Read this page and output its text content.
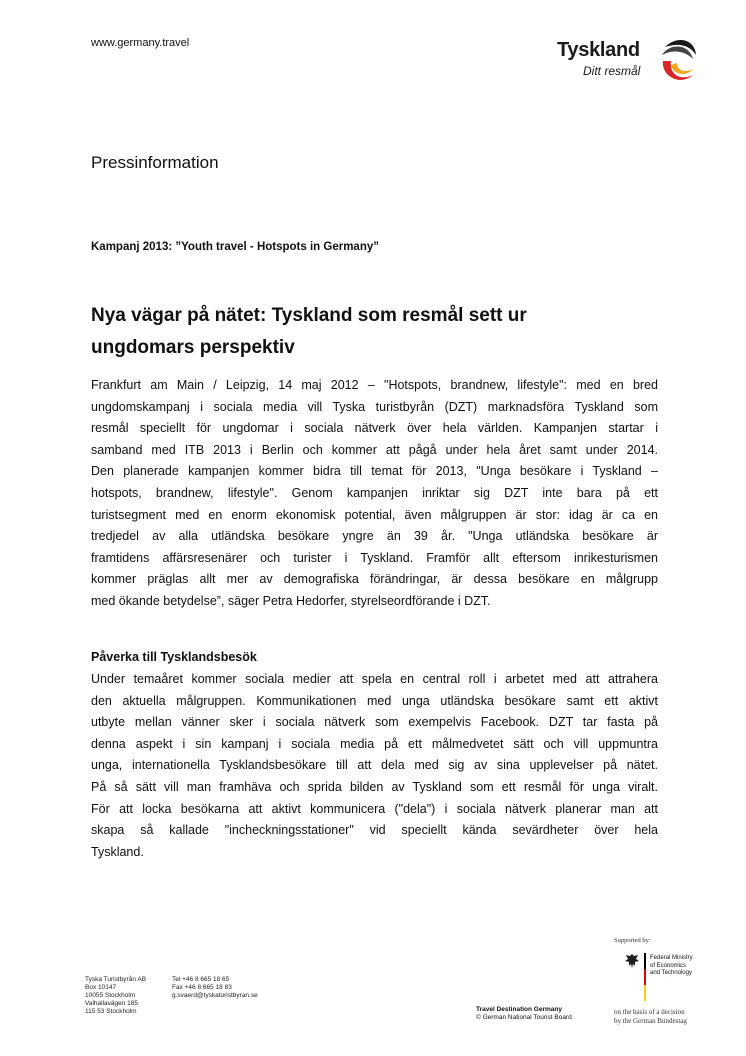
www.germany.travel	Tyskland
Ditt resmål
Pressinformation
Kampanj 2013: ”Youth travel - Hotspots in Germany”
Nya vägar på nätet: Tyskland som resmål sett ur
ungdomars perspektiv
Frankfurt am Main / Leipzig, 14 maj 2012 – "Hotspots, brandnew, lifestyle": med en bred
ungdomskampanj i sociala media vill Tyska turistbyrån (DZT) marknadsföra Tyskland som
resmål speciellt för ungdomar i sociala nätverk över hela världen. Kampanjen startar i
samband med ITB 2013 i Berlin och kommer att pågå under hela året samt under 2014.
Den planerade kampanjen kommer bidra till temat för 2013, "Unga besökare i Tyskland –
hotspots, brandnew, lifestyle". Genom kampanjen inriktar sig DZT inte bara på ett
turistsegment med en enorm ekonomisk potential, även målgruppen är stor: idag är ca en
tredjedel av alla utländska besökare yngre än 39 år. "Unga utländska besökare är
framtidens affärsresenärer och turister i Tyskland. Framför allt eftersom inrikesturismen
kommer präglas allt mer av demografiska förändringar, är dessa besökare en målgrupp
med ökande betydelse”, säger Petra Hedorfer, styrelseordförande i DZT.
Påverka till Tysklandsbesök
Under temaåret kommer sociala medier att spela en central roll i arbetet med att attrahera
den aktuella målgruppen. Kommunikationen med unga utländska besökare samt ett aktivt
utbyte mellan vänner sker i sociala nätverk som exempelvis Facebook. DZT tar fasta på
denna aspekt i sin kampanj i sociala media på ett målmedvetet sätt och vill uppmuntra
unga, internationella Tysklandsbesökare till att dela med sig av sina upplevelser på nätet.
På så sätt vill man framhäva och sprida bilden av Tyskland som ett resmål för unga viralt.
För att locka besökarna att aktivt kommunicera ("dela") i sociala nätverk planerar man att
skapa så kallade "incheckningsstationer" vid speciellt kända sevärdheter över hela
Tyskland.
Tyska Turistbyrån AB
Box 10147
10055 Stockholm
Valhallavägen 185
115 53 Stockholm
Tel +46 8 665 18 65
Fax +46 8 665 18 83
g.svaerd@tyskaturistbyran.se
Travel Destination Germany
© German National Tourist Board
Supported by:
Federal Ministry
of Economics
and Technology
on the basis of a decision
by the German Bundestag
